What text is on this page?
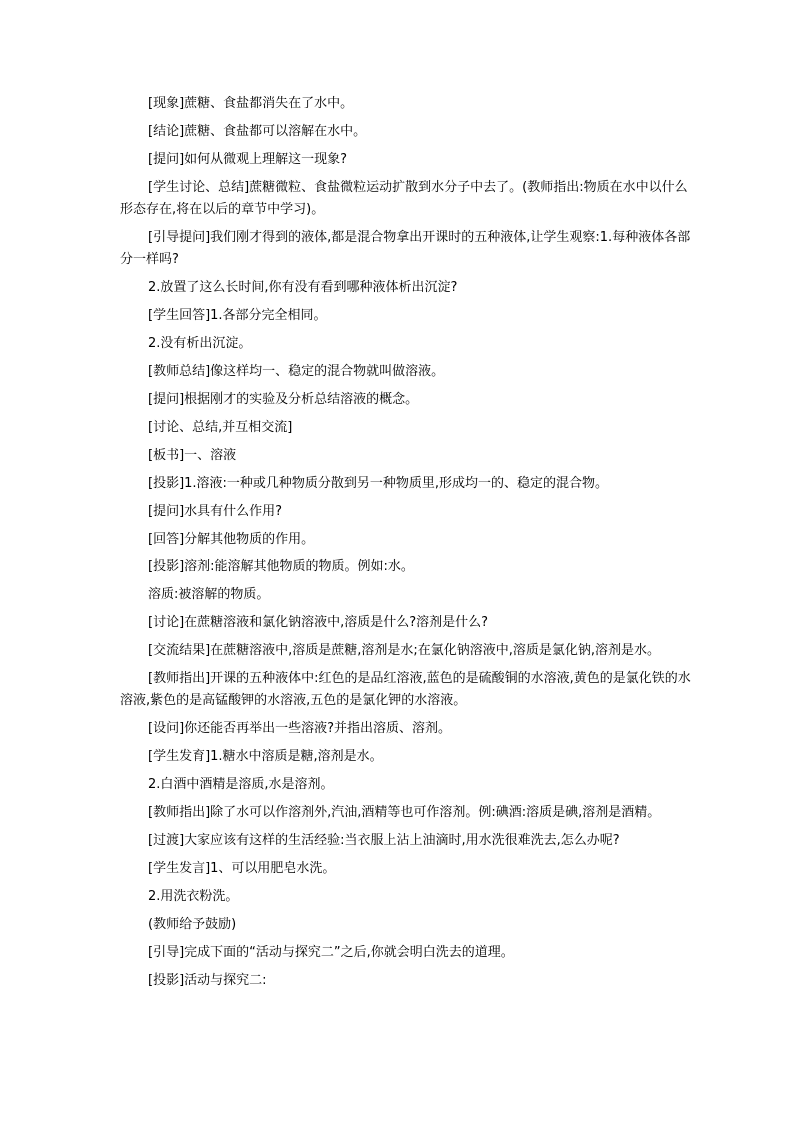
[现象]蔗糖、食盐都消失在了水中。

[结论]蔗糖、食盐都可以溶解在水中。

[提问]如何从微观上理解这一现象?

[学生讨论、总结]蔗糖微粒、食盐微粒运动扩散到水分子中去了。(教师指出:物质在水中以什么形态存在,将在以后的章节中学习)。

[引导提问]我们刚才得到的液体,都是混合物拿出开课时的五种液体,让学生观察:1.每种液体各部分一样吗?

2.放置了这么长时间,你有没有看到哪种液体析出沉淀?

[学生回答]1.各部分完全相同。

2.没有析出沉淀。

[教师总结]像这样均一、稳定的混合物就叫做溶液。

[提问]根据刚才的实验及分析总结溶液的概念。

[讨论、总结,并互相交流]

[板书]一、溶液

[投影]1.溶液:一种或几种物质分散到另一种物质里,形成均一的、稳定的混合物。

[提问]水具有什么作用?

[回答]分解其他物质的作用。

[投影]溶剂:能溶解其他物质的物质。例如:水。

溶质:被溶解的物质。

[讨论]在蔗糖溶液和氯化钠溶液中,溶质是什么?溶剂是什么?

[交流结果]在蔗糖溶液中,溶质是蔗糖,溶剂是水;在氯化钠溶液中,溶质是氯化钠,溶剂是水。

[教师指出]开课的五种液体中:红色的是品红溶液,蓝色的是硫酸铜的水溶液,黄色的是氯化铁的水溶液,紫色的是高锰酸钾的水溶液,五色的是氯化钾的水溶液。

[设问]你还能否再举出一些溶液?并指出溶质、溶剂。

[学生发育]1.糖水中溶质是糖,溶剂是水。

2.白酒中酒精是溶质,水是溶剂。

[教师指出]除了水可以作溶剂外,汽油,酒精等也可作溶剂。例:碘酒:溶质是碘,溶剂是酒精。

[过渡]大家应该有这样的生活经验:当衣服上沾上油滴时,用水洗很难洗去,怎么办呢?

[学生发言]1、可以用肥皂水洗。

2.用洗衣粉洗。

(教师给予鼓励)

[引导]完成下面的“活动与探究二”之后,你就会明白洗去的道理。

[投影]活动与探究二:
